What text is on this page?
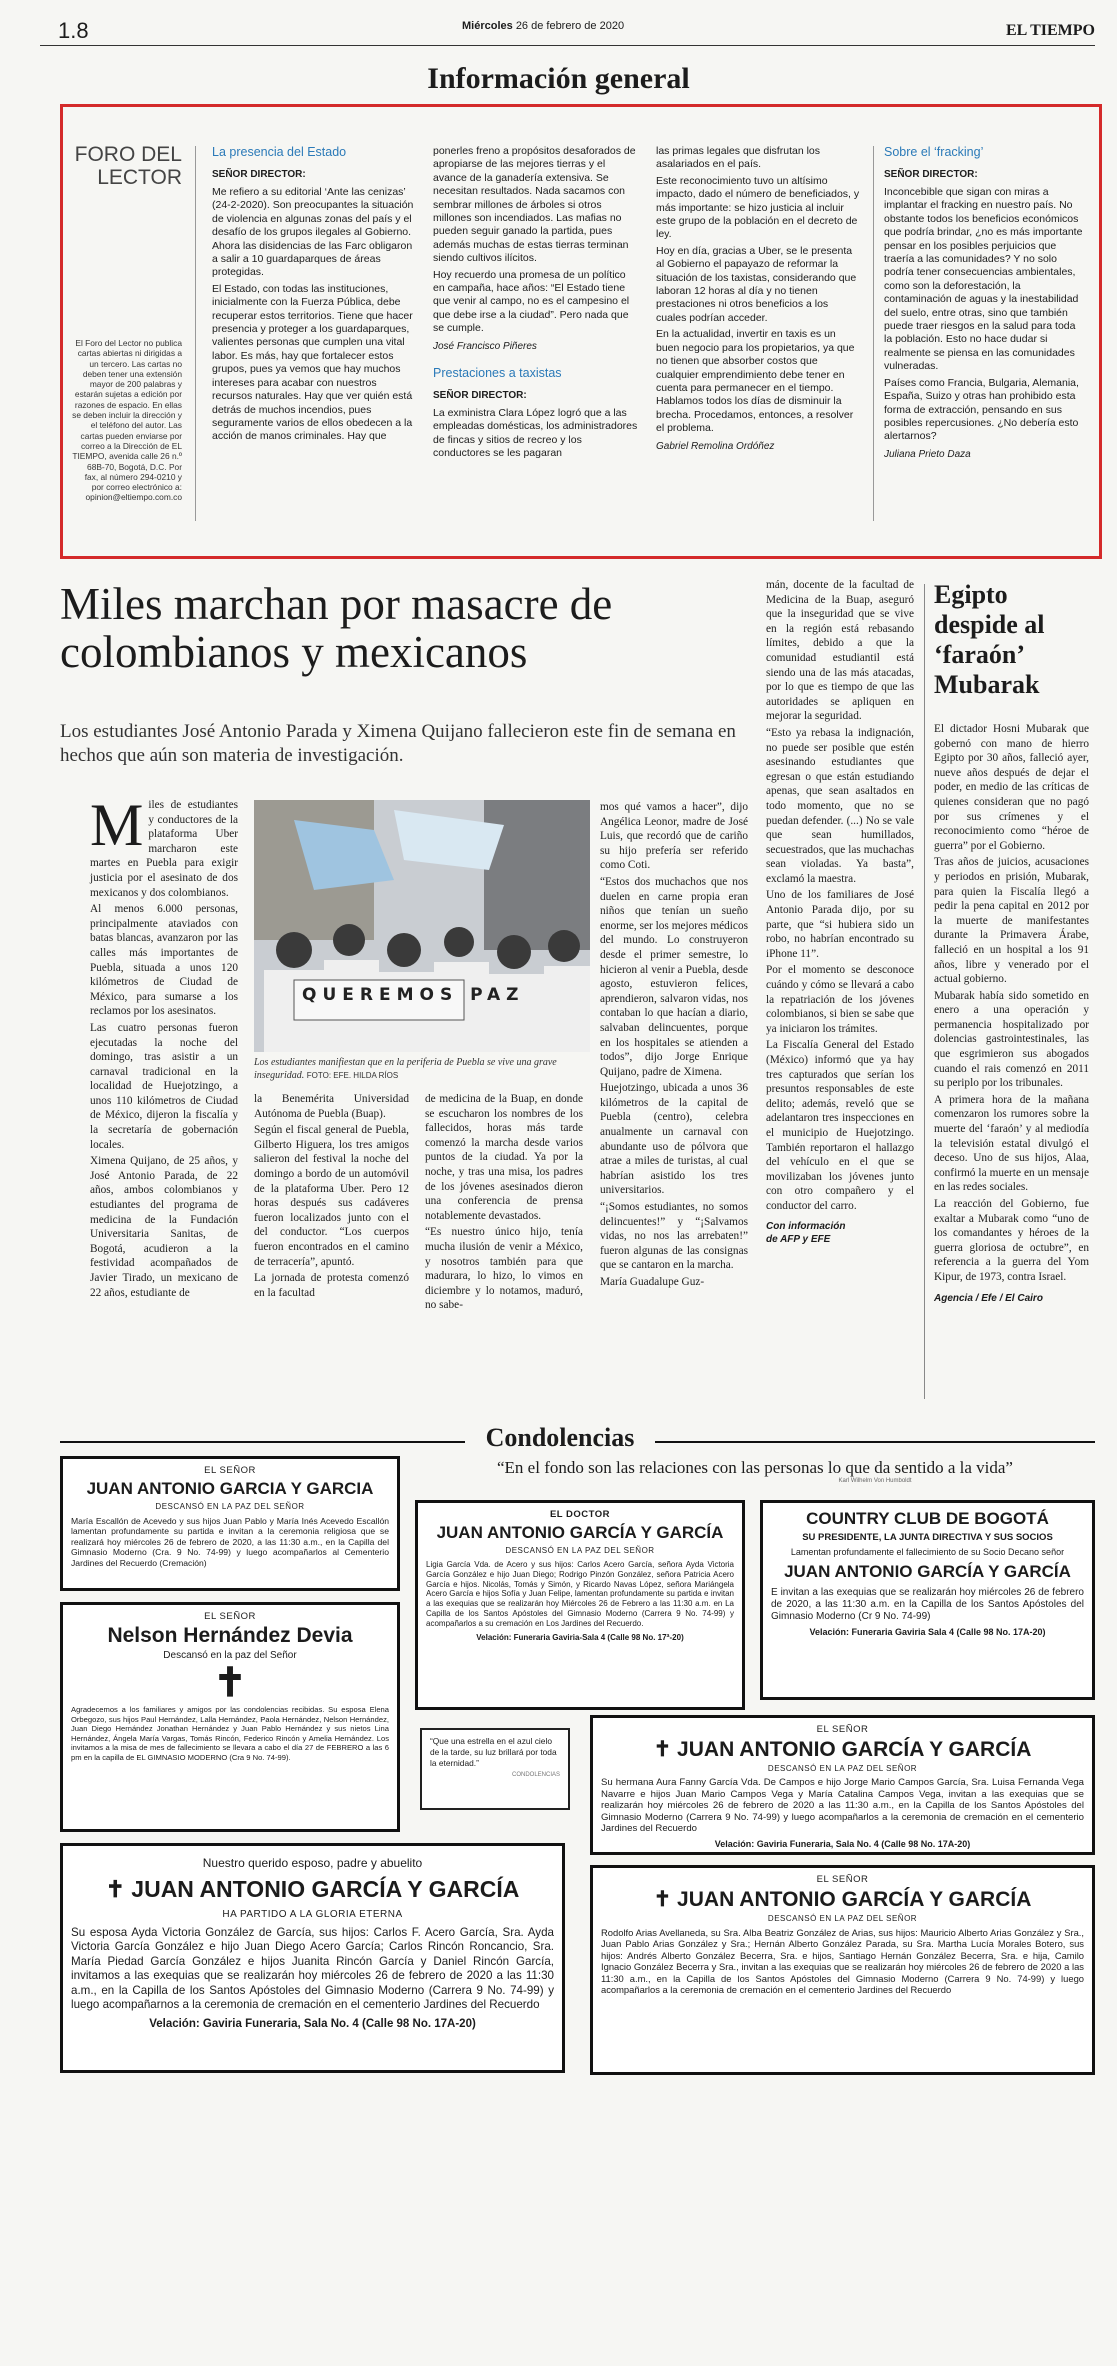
1.8	Miércoles 26 de febrero de 2020	EL TIEMPO
Información general
FORO DEL
LECTOR
El Foro del Lector no publica cartas abiertas ni dirigidas a un tercero. Las cartas no deben tener una extensión mayor de 200 palabras y estarán sujetas a edición por razones de espacio. En ellas se deben incluir la dirección y el teléfono del autor. Las cartas pueden enviarse por correo a la Dirección de EL TIEMPO, avenida calle 26 n.º 68B-70, Bogotá, D.C. Por fax, al número 294-0210 y por correo electrónico a: opinion@eltiempo.com.co
La presencia del Estado
SEÑOR DIRECTOR:

Me refiero a su editorial ‘Ante las cenizas’ (24-2-2020). Son preocupantes la situación de violencia en algunas zonas del país y el desafío de los grupos ilegales al Gobierno. Ahora las disidencias de las Farc obligaron a salir a 10 guardaparques de áreas protegidas.

El Estado, con todas las instituciones, inicialmente con la Fuerza Pública, debe recuperar estos territorios. Tiene que hacer presencia y proteger a los guardaparques, valientes personas que cumplen una vital labor. Es más, hay que fortalecer estos grupos, pues ya vemos que hay muchos intereses para acabar con nuestros recursos naturales. Hay que ver quién está detrás de muchos incendios, pues seguramente varios de ellos obedecen a la acción de manos criminales. Hay que

ponerles freno a propósitos desaforados de apropiarse de las mejores tierras y el avance de la ganadería extensiva. Se necesitan resultados. Nada sacamos con sembrar millones de árboles si otros millones son incendiados. Las mafias no pueden seguir ganado la partida, pues además muchas de estas tierras terminan siendo cultivos ilícitos.

Hoy recuerdo una promesa de un político en campaña, hace años: “El Estado tiene que venir al campo, no es el campesino el que debe irse a la ciudad”. Pero nada que se cumple.

José Francisco Piñeres
Prestaciones a taxistas
SEÑOR DIRECTOR:

La exministra Clara López logró que a las empleadas domésticas, los administradores de fincas y sitios de recreo y los conductores se les pagaran

las primas legales que disfrutan los asalariados en el país.

Este reconocimiento tuvo un altísimo impacto, dado el número de beneficiados, y más importante: se hizo justicia al incluir este grupo de la población en el decreto de ley.

Hoy en día, gracias a Uber, se le presenta al Gobierno el papayazo de reformar la situación de los taxistas, considerando que laboran 12 horas al día y no tienen prestaciones ni otros beneficios a los cuales podrían acceder.

En la actualidad, invertir en taxis es un buen negocio para los propietarios, ya que no tienen que absorber costos que cualquier emprendimiento debe tener en cuenta para permanecer en el tiempo. Hablamos todos los días de disminuir la brecha. Procedamos, entonces, a resolver el problema.

Gabriel Remolina Ordóñez
Sobre el ‘fracking’
SEÑOR DIRECTOR:

Inconcebible que sigan con miras a implantar el fracking en nuestro país. No obstante todos los beneficios económicos que podría brindar, ¿no es más importante pensar en los posibles perjuicios que traería a las comunidades? Y no solo podría tener consecuencias ambientales, como son la deforestación, la contaminación de aguas y la inestabilidad del suelo, entre otras, sino que también puede traer riesgos en la salud para toda la población. Esto no hace dudar si realmente se piensa en las comunidades vulneradas.

Países como Francia, Bulgaria, Alemania, España, Suizo y otras han prohibido esta forma de extracción, pensando en sus posibles repercusiones. ¿No debería esto alertarnos?

Juliana Prieto Daza
Miles marchan por masacre de colombianos y mexicanos
Los estudiantes José Antonio Parada y Ximena Quijano fallecieron este fin de semana en hechos que aún son materia de investigación.

Miles de estudiantes y conductores de la plataforma Uber marcharon este martes en Puebla para exigir justicia por el asesinato de dos mexicanos y dos colombianos.

Al menos 6.000 personas, principalmente ataviados con batas blancas, avanzaron por las calles más importantes de Puebla, situada a unos 120 kilómetros de Ciudad de México, para sumarse a los reclamos por los asesinatos.

Las cuatro personas fueron ejecutadas la noche del domingo, tras asistir a un carnaval tradicional en la localidad de Huejotzingo, a unos 110 kilómetros de Ciudad de México, dijeron la fiscalía y la secretaría de gobernación locales.

Ximena Quijano, de 25 años, y José Antonio Parada, de 22 años, ambos colombianos y estudiantes del programa de medicina de la Fundación Universitaria Sanitas, de Bogotá, acudieron a la festividad acompañados de Javier Tirado, un mexicano de 22 años, estudiante de

QUEREMOS PAZ
Los estudiantes manifiestan que en la periferia de Puebla se vive una grave inseguridad. FOTO: EFE. HILDA RÍOS

la Benemérita Universidad Autónoma de Puebla (Buap).

Según el fiscal general de Puebla, Gilberto Higuera, los tres amigos salieron del festival la noche del domingo a bordo de un automóvil de la plataforma Uber. Pero 12 horas después sus cadáveres fueron localizados junto con el del conductor. “Los cuerpos fueron encontrados en el camino de terracería”, apuntó.

La jornada de protesta comenzó en la facultad

de medicina de la Buap, en donde se escucharon los nombres de los fallecidos, horas más tarde comenzó la marcha desde varios puntos de la ciudad. Ya por la noche, y tras una misa, los padres de los jóvenes asesinados dieron una conferencia de prensa notablemente devastados.

“Es nuestro único hijo, tenía mucha ilusión de venir a México, y nosotros también para que madurara, lo hizo, lo vimos en diciembre y lo notamos, maduró, no sabe-

mos qué vamos a hacer”, dijo Angélica Leonor, madre de José Luis, que recordó que de cariño su hijo prefería ser referido como Coti.

“Estos dos muchachos que nos duelen en carne propia eran niños que tenían un sueño enorme, ser los mejores médicos del mundo. Lo construyeron desde el primer semestre, lo hicieron al venir a Puebla, desde agosto, estuvieron felices, aprendieron, salvaron vidas, nos contaban lo que hacían a diario, salvaban delincuentes, porque en los hospitales se atienden a todos”, dijo Jorge Enrique Quijano, padre de Ximena.

Huejotzingo, ubicada a unos 36 kilómetros de la capital de Puebla (centro), celebra anualmente un carnaval con abundante uso de pólvora que atrae a miles de turistas, al cual habrían asistido los tres universitarios.

“¡Somos estudiantes, no somos delincuentes!” y “¡Salvamos vidas, no nos las arrebaten!” fueron algunas de las consignas que se cantaron en la marcha.

María Guadalupe Guz-

mán, docente de la facultad de Medicina de la Buap, aseguró que la inseguridad que se vive en la región está rebasando límites, debido a que la comunidad estudiantil está siendo una de las más atacadas, por lo que es tiempo de que las autoridades se apliquen en mejorar la seguridad.

“Esto ya rebasa la indignación, no puede ser posible que estén asesinando estudiantes que egresan o que están estudiando apenas, que sean asaltados en todo momento, que no se puedan defender. (...) No se vale que sean humillados, secuestrados, que las muchachas sean violadas. Ya basta”, exclamó la maestra.

Uno de los familiares de José Antonio Parada dijo, por su parte, que “si hubiera sido un robo, no habrían encontrado su iPhone 11”.

Por el momento se desconoce cuándo y cómo se llevará a cabo la repatriación de los jóvenes colombianos, si bien se sabe que ya iniciaron los trámites.

La Fiscalía General del Estado (México) informó que ya hay tres capturados que serían los presuntos responsables de este delito; además, reveló que se adelantaron tres inspecciones en el municipio de Huejotzingo. También reportaron el hallazgo del vehículo en el que se movilizaban los jóvenes junto con otro compañero y el conductor del carro.

Con información
de AFP y EFE
Egipto despide al ‘faraón’ Mubarak

El dictador Hosni Mubarak que gobernó con mano de hierro Egipto por 30 años, falleció ayer, nueve años después de dejar el poder, en medio de las críticas de quienes consideran que no pagó por sus crímenes y el reconocimiento como “héroe de guerra” por el Gobierno.

Tras años de juicios, acusaciones y periodos en prisión, Mubarak, para quien la Fiscalía llegó a pedir la pena capital en 2012 por la muerte de manifestantes durante la Primavera Árabe, falleció en un hospital a los 91 años, libre y venerado por el actual gobierno.

Mubarak había sido sometido en enero a una operación y permanencia hospitalizado por dolencias gastrointestinales, las que esgrimieron sus abogados cuando el rais comenzó en 2011 su periplo por los tribunales.

A primera hora de la mañana comenzaron los rumores sobre la muerte del ‘faraón’ y al mediodía la televisión estatal divulgó el deceso. Uno de sus hijos, Alaa, confirmó la muerte en un mensaje en las redes sociales.

La reacción del Gobierno, fue exaltar a Mubarak como “uno de los comandantes y héroes de la guerra gloriosa de octubre”, en referencia a la guerra del Yom Kipur, de 1973, contra Israel.

Agencia / Efe / El Cairo
Condolencias
“En el fondo son las relaciones con las personas lo que da sentido a la vida”
Karl Wilhelm Von Humboldt
EL SEÑOR
JUAN ANTONIO GARCIA Y GARCIA
DESCANSÓ EN LA PAZ DEL SEÑOR
María Escallón de Acevedo y sus hijos Juan Pablo y María Inés Acevedo Escallón lamentan profundamente su partida e invitan a la ceremonia religiosa que se realizará hoy miércoles 26 de febrero de 2020, a las 11:30 a.m., en la Capilla del Gimnasio Moderno (Cra. 9 No. 74-99) y luego acompañarlos al Cementerio Jardines del Recuerdo (Cremación)
EL SEÑOR
Nelson Hernández Devia
Descansó en la paz del Señor
✝
Agradecemos a los familiares y amigos por las condolencias recibidas. Su esposa Elena Orbegozo, sus hijos Paul Hernández, Lalla Hernández, Paola Hernández, Nelson Hernández, Juan Diego Hernández Jonathan Hernández y Juan Pablo Hernández y sus nietos Lina Hernández, Ángela María Vargas, Tomás Rincón, Federico Rincón y Amelia Hernández. Los invitamos a la misa de mes de fallecimiento se llevara a cabo el día 27 de FEBRERO a las 6 pm en la capilla de EL GIMNASIO MODERNO (Cra 9 No. 74-99).
EL DOCTOR
JUAN ANTONIO GARCÍA Y GARCÍA
DESCANSÓ EN LA PAZ DEL SEÑOR
Ligia García Vda. de Acero y sus hijos: Carlos Acero García, señora Ayda Victoria García González e hijo Juan Diego; Rodrigo Pinzón González, señora Patricia Acero García e hijos. Nicolás, Tomás y Simón, y Ricardo Navas López, señora Mariángela Acero García e hijos Sofía y Juan Felipe, lamentan profundamente su partida e invitan a las exequias que se realizarán hoy Miércoles 26 de Febrero a las 11:30 a.m. en La Capilla de los Santos Apóstoles del Gimnasio Moderno (Carrera 9 No. 74-99) y acompañarlos a su cremación en Los Jardines del Recuerdo.
Velación: Funeraria Gaviria-Sala 4 (Calle 98 No. 17ª-20)
COUNTRY CLUB DE BOGOTÁ
SU PRESIDENTE, LA JUNTA DIRECTIVA Y SUS SOCIOS
Lamentan profundamente el fallecimiento de su Socio Decano señor
JUAN ANTONIO GARCÍA Y GARCÍA
E invitan a las exequias que se realizarán hoy miércoles 26 de febrero de 2020, a las 11:30 a.m. en la Capilla de los Santos Apóstoles del Gimnasio Moderno (Cr 9 No. 74-99)
Velación: Funeraria Gaviria Sala 4 (Calle 98 No. 17A-20)
“Que una estrella en el azul cielo de la tarde, su luz brillará por toda la eternidad.”
CONDOLENCIAS
EL SEÑOR
✝ JUAN ANTONIO GARCÍA Y GARCÍA
DESCANSÓ EN LA PAZ DEL SEÑOR
Su hermana Aura Fanny García Vda. De Campos e hijo Jorge Mario Campos García, Sra. Luisa Fernanda Vega Navarre e hijos Juan Mario Campos Vega y María Catalina Campos Vega, invitan a las exequias que se realizarán hoy miércoles 26 de febrero de 2020 a las 11:30 a.m., en la Capilla de los Santos Apóstoles del Gimnasio Moderno (Carrera 9 No. 74-99) y luego acompañarlos a la ceremonia de cremación en el cementerio Jardines del Recuerdo
Velación: Gaviria Funeraria, Sala No. 4 (Calle 98 No. 17A-20)
Nuestro querido esposo, padre y abuelito
✝ JUAN ANTONIO GARCÍA Y GARCÍA
HA PARTIDO A LA GLORIA ETERNA
Su esposa Ayda Victoria González de García, sus hijos: Carlos F. Acero García, Sra. Ayda Victoria García González e hijo Juan Diego Acero García; Carlos Rincón Roncancio, Sra. María Piedad García González e hijos Juanita Rincón García y Daniel Rincón García, invitamos a las exequias que se realizarán hoy miércoles 26 de febrero de 2020 a las 11:30 a.m., en la Capilla de los Santos Apóstoles del Gimnasio Moderno (Carrera 9 No. 74-99) y luego acompañarnos a la ceremonia de cremación en el cementerio Jardines del Recuerdo
Velación: Gaviria Funeraria, Sala No. 4 (Calle 98 No. 17A-20)
EL SEÑOR
✝ JUAN ANTONIO GARCÍA Y GARCÍA
DESCANSÓ EN LA PAZ DEL SEÑOR
Rodolfo Arias Avellaneda, su Sra. Alba Beatriz González de Arias, sus hijos: Mauricio Alberto Arias González y Sra., Juan Pablo Arias González y Sra.; Hernán Alberto González Parada, su Sra. Martha Lucía Morales Botero, sus hijos: Andrés Alberto González Becerra, Sra. e hijos, Santiago Hernán González Becerra, Sra. e hija, Camilo Ignacio González Becerra y Sra., invitan a las exequias que se realizarán hoy miércoles 26 de febrero de 2020 a las 11:30 a.m., en la Capilla de los Santos Apóstoles del Gimnasio Moderno (Carrera 9 No. 74-99) y luego acompañarlos a la ceremonia de cremación en el cementerio Jardines del Recuerdo
